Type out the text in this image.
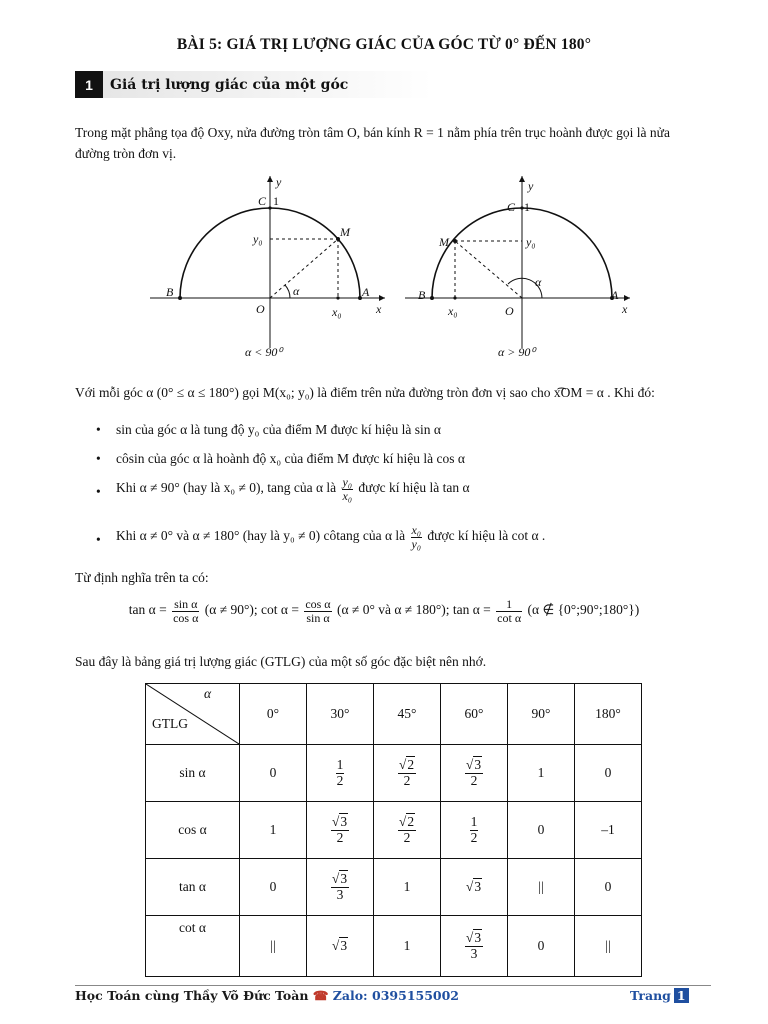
BÀI 5: GIÁ TRỊ LƯỢNG GIÁC CỦA GÓC TỪ 0° ĐẾN 180°
1	Giá trị lượng giác của một góc
Trong mặt phẳng tọa độ Oxy, nửa đường tròn tâm O, bán kính R = 1 nằm phía trên trục hoành được gọi là nửa
đường tròn đơn vị.
y
x
C 1
y₀	M
B
O
A
x₀
α
α < 90⁰
y
x
C 1
y₀
M
B
O
A
x₀
α
α > 90⁰
Với mỗi góc α (0° ≤ α ≤ 180°) gọi M(x₀; y₀) là điểm trên nửa đường tròn đơn vị sao cho x͡OM = α . Khi đó:
• sin của góc α là tung độ y₀ của điểm M được kí hiệu là sin α
• côsin của góc α là hoành độ x₀ của điểm M được kí hiệu là cos α
• Khi α ≠ 90° (hay là x₀ ≠ 0), tang của α là $\frac{\text{y₀}}{\text{x₀}}$ được kí hiệu là tan α
• Khi α ≠ 0° và α ≠ 180° (hay là y₀ ≠ 0) côtang của α là $\frac{\text{x₀}}{\text{y₀}}$ được kí hiệu là cot α .
Từ định nghĩa trên ta có:
$\tan \alpha = \frac{\text{sin α}}{\text{cos α}} (\alpha \ne 90^\circ)$; $\cot \alpha = \frac{\text{cos α}}{\text{sin α}} (\alpha \ne 0^\circ$ và α ≠ 180°); $\tan \alpha = \frac{1}{\text{cot α}} (\alpha$ ∉ {0°;90°;180°})
Sau đây là bảng giá trị lượng giác (GTLG) của một số góc đặc biệt nên nhớ.
α
GTLG	0°	30°	45°	60°	90°	180°
sin α	0	$\frac{1}{2}$	$\frac{√2}{2}$	$\frac{√3}{2}$	1	0
cos α	1	$\frac{√3}{2}$	$\frac{√2}{2}$	$\frac{1}{2}$	0	–1
tan α	0	$\frac{√3}{3}$	1	√3	||	0
cot α	||	√3	1	$\frac{√3}{3}$	0	||
Học Toán cùng Thầy Võ Đức Toàn ☎ Zalo: 0395155002	Trang 1
